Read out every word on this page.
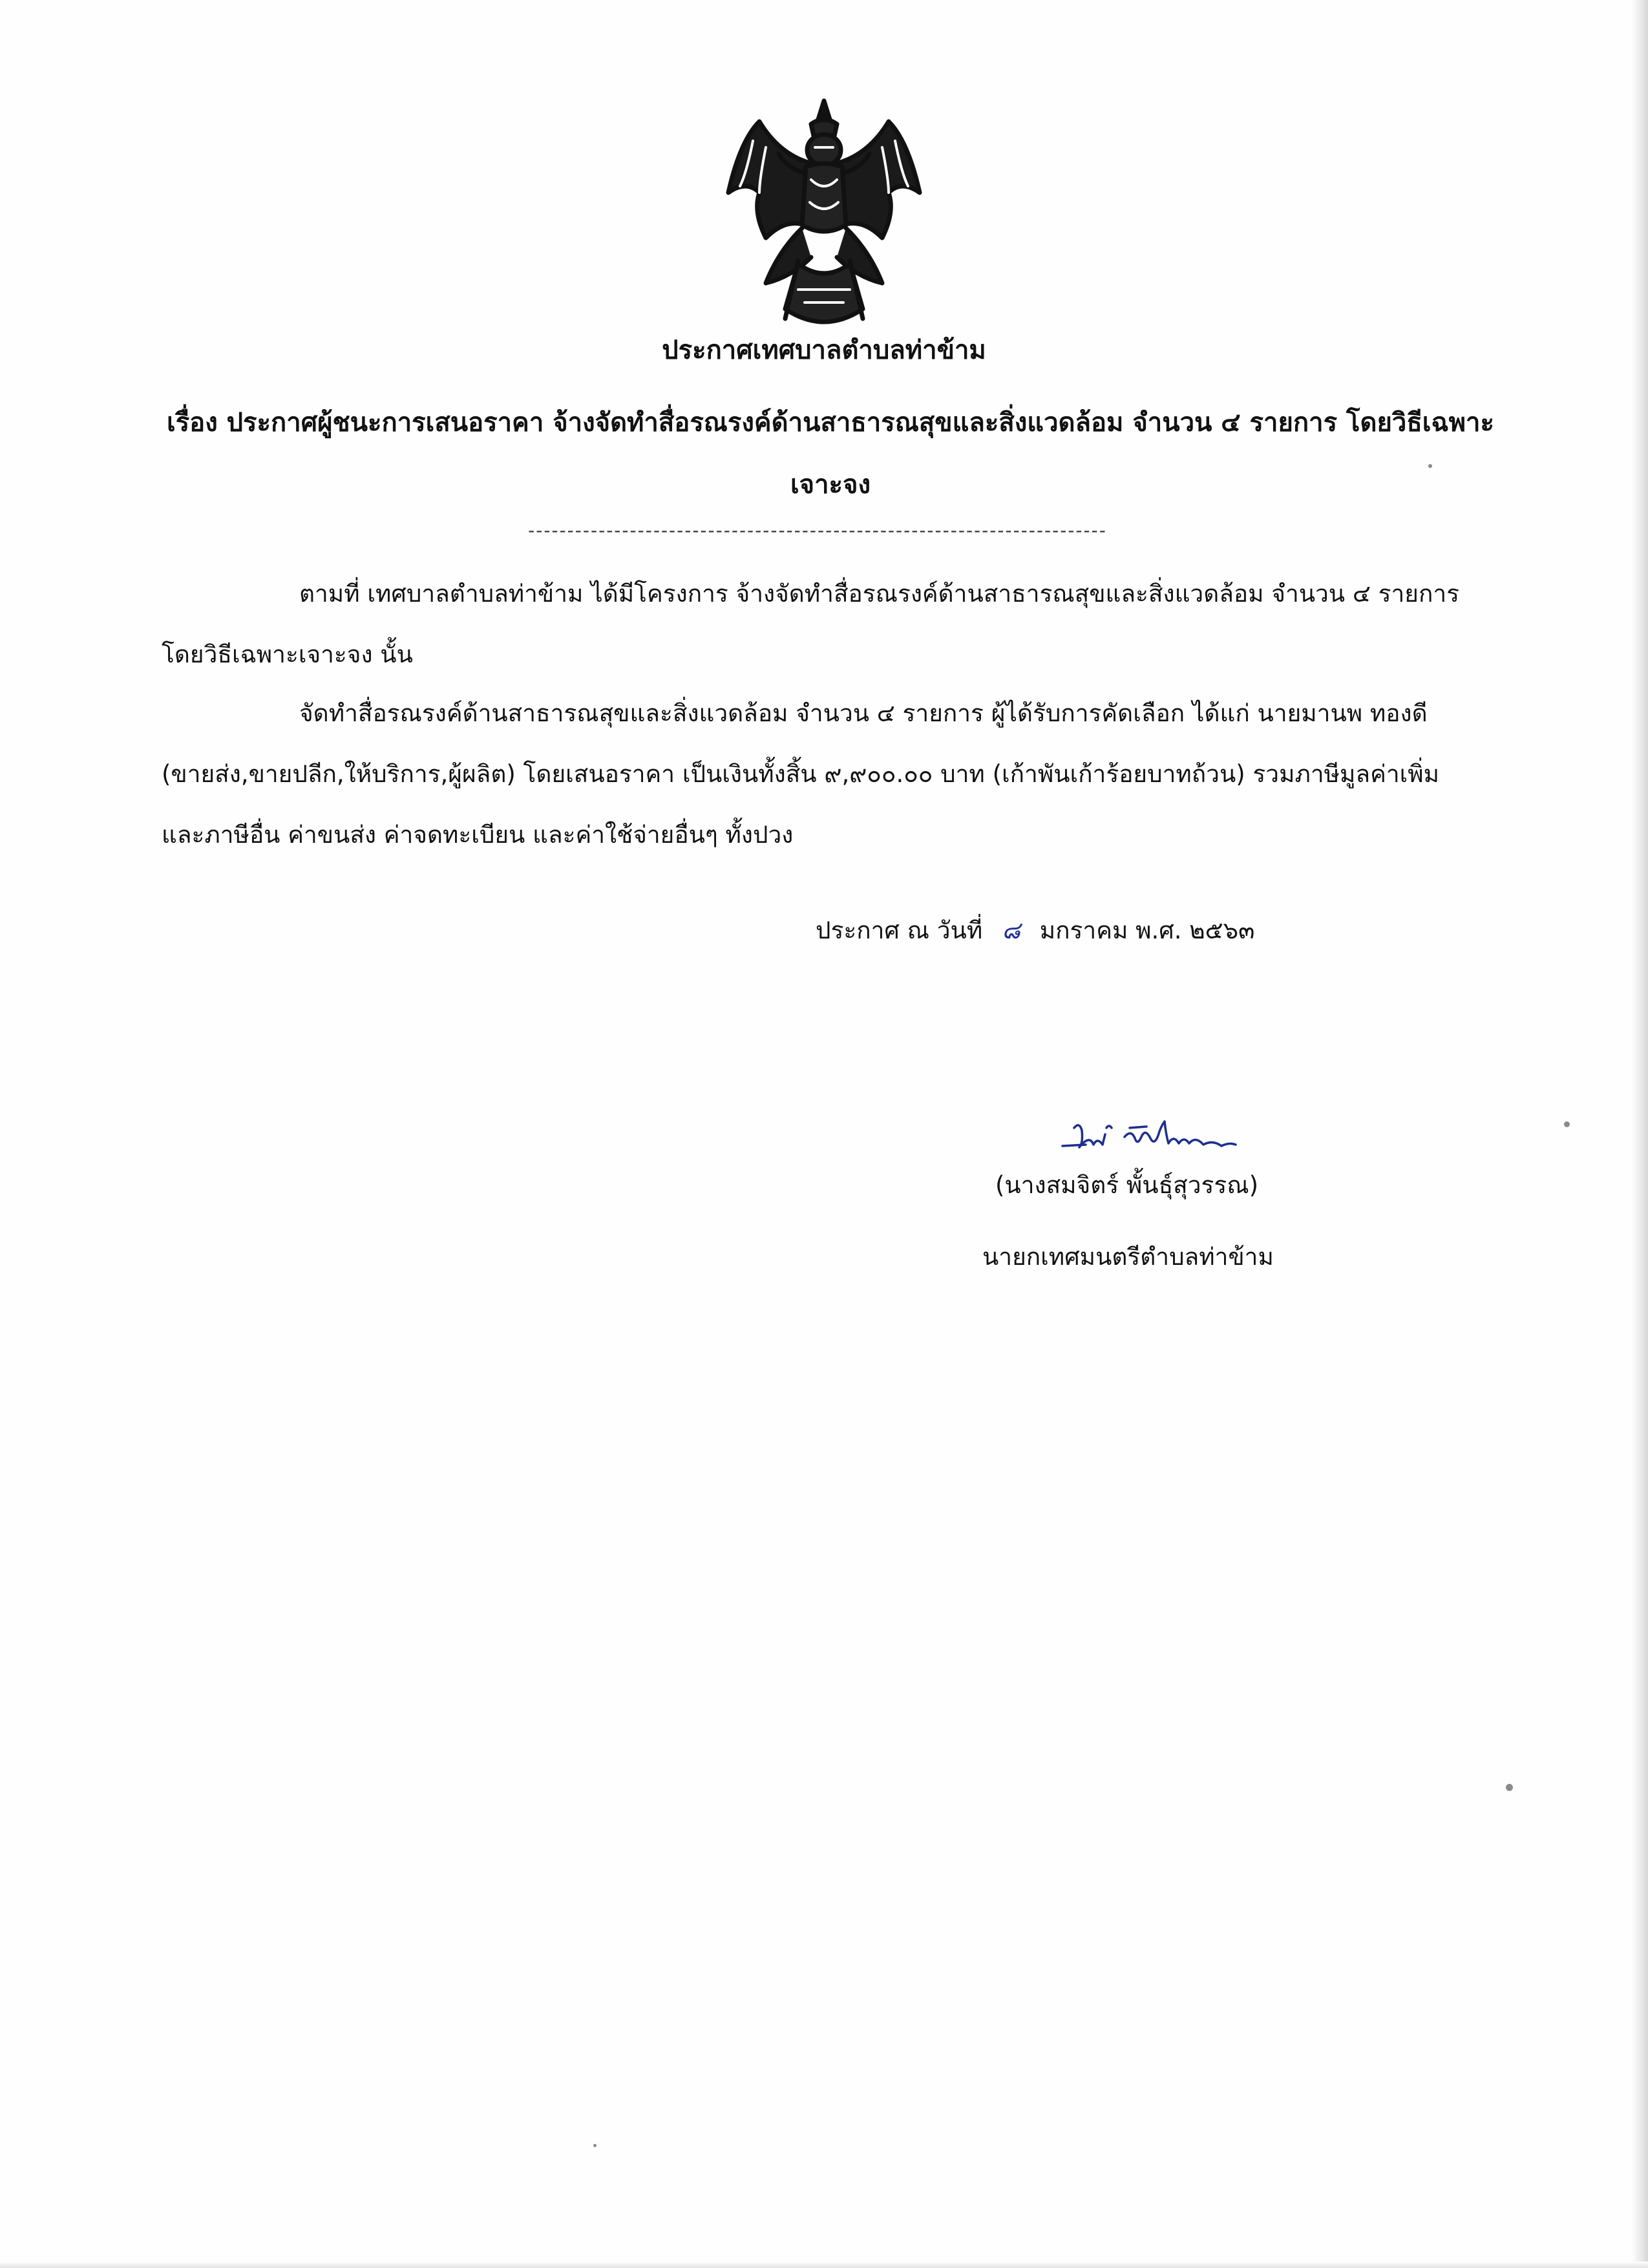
ประกาศเทศบาลตำบลท่าข้าม
เรื่อง ประกาศผู้ชนะการเสนอราคา จ้างจัดทำสื่อรณรงค์ด้านสาธารณสุขและสิ่งแวดล้อม จำนวน ๔ รายการ โดยวิธีเฉพาะเจาะจง
--------------------------------------------------------------------------
ตามที่ เทศบาลตำบลท่าข้าม ได้มีโครงการ จ้างจัดทำสื่อรณรงค์ด้านสาธารณสุขและสิ่งแวดล้อม จำนวน ๔ รายการ โดยวิธีเฉพาะเจาะจง นั้น
จัดทำสื่อรณรงค์ด้านสาธารณสุขและสิ่งแวดล้อม จำนวน ๔ รายการ ผู้ได้รับการคัดเลือก ได้แก่ นายมานพ ทองดี (ขายส่ง,ขายปลีก,ให้บริการ,ผู้ผลิต) โดยเสนอราคา เป็นเงินทั้งสิ้น ๙,๙๐๐.๐๐ บาท (เก้าพันเก้าร้อยบาทถ้วน) รวมภาษีมูลค่าเพิ่มและภาษีอื่น ค่าขนส่ง ค่าจดทะเบียน และค่าใช้จ่ายอื่นๆ ทั้งปวง
ประกาศ ณ วันที่ ๘ มกราคม พ.ศ. ๒๕๖๓
(นางสมจิตร์ พั้นธุ์สุวรรณ)
นายกเทศมนตรีตำบลท่าข้าม
